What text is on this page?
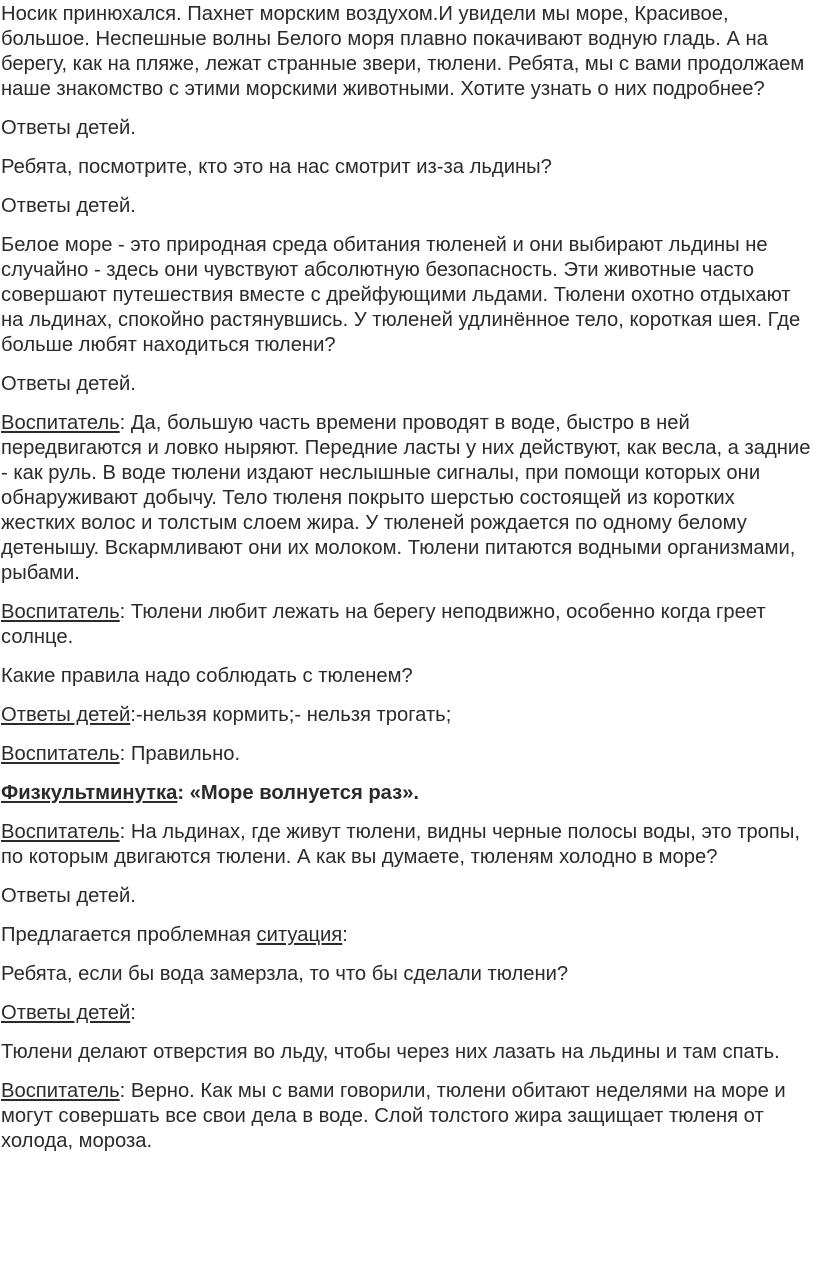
Носик принюхался. Пахнет морским воздухом.И увидели мы море, Красивое, большое. Неспешные волны Белого моря плавно покачивают водную гладь. А на берегу, как на пляже, лежат странные звери, тюлени. Ребята, мы с вами продолжаем наше знакомство с этими морскими животными. Хотите узнать о них подробнее?

Ответы детей.

Ребята, посмотрите, кто это на нас смотрит из-за льдины?

Ответы детей.

Белое море - это природная среда обитания тюленей и они выбирают льдины не случайно - здесь они чувствуют абсолютную безопасность. Эти животные часто совершают путешествия вместе с дрейфующими льдами. Тюлени охотно отдыхают на льдинах, спокойно растянувшись. У тюленей удлинённое тело, короткая шея. Где больше любят находиться тюлени?

Ответы детей.

Воспитатель: Да, большую часть времени проводят в воде, быстро в ней передвигаются и ловко ныряют. Передние ласты у них действуют, как весла, а задние - как руль. В воде тюлени издают неслышные сигналы, при помощи которых они обнаруживают добычу. Тело тюленя покрыто шерстью состоящей из коротких жестких волос и толстым слоем жира. У тюленей рождается по одному белому детенышу. Вскармливают они их молоком. Тюлени питаются водными организмами, рыбами.

Воспитатель: Тюлени любит лежать на берегу неподвижно, особенно когда греет солнце.

Какие правила надо соблюдать с тюленем?

Ответы детей:-нельзя кормить;- нельзя трогать;

Воспитатель: Правильно.

Физкультминутка: «Море волнуется раз».

Воспитатель: На льдинах, где живут тюлени, видны черные полосы воды, это тропы, по которым двигаются тюлени. А как вы думаете, тюленям холодно в море?

Ответы детей.

Предлагается проблемная ситуация:

Ребята, если бы вода замерзла, то что бы сделали тюлени?

Ответы детей:

Тюлени делают отверстия во льду, чтобы через них лазать на льдины и там спать.

Воспитатель: Верно. Как мы с вами говорили, тюлени обитают неделями на море и могут совершать все свои дела в воде. Слой толстого жира защищает тюленя от холода, мороза.
